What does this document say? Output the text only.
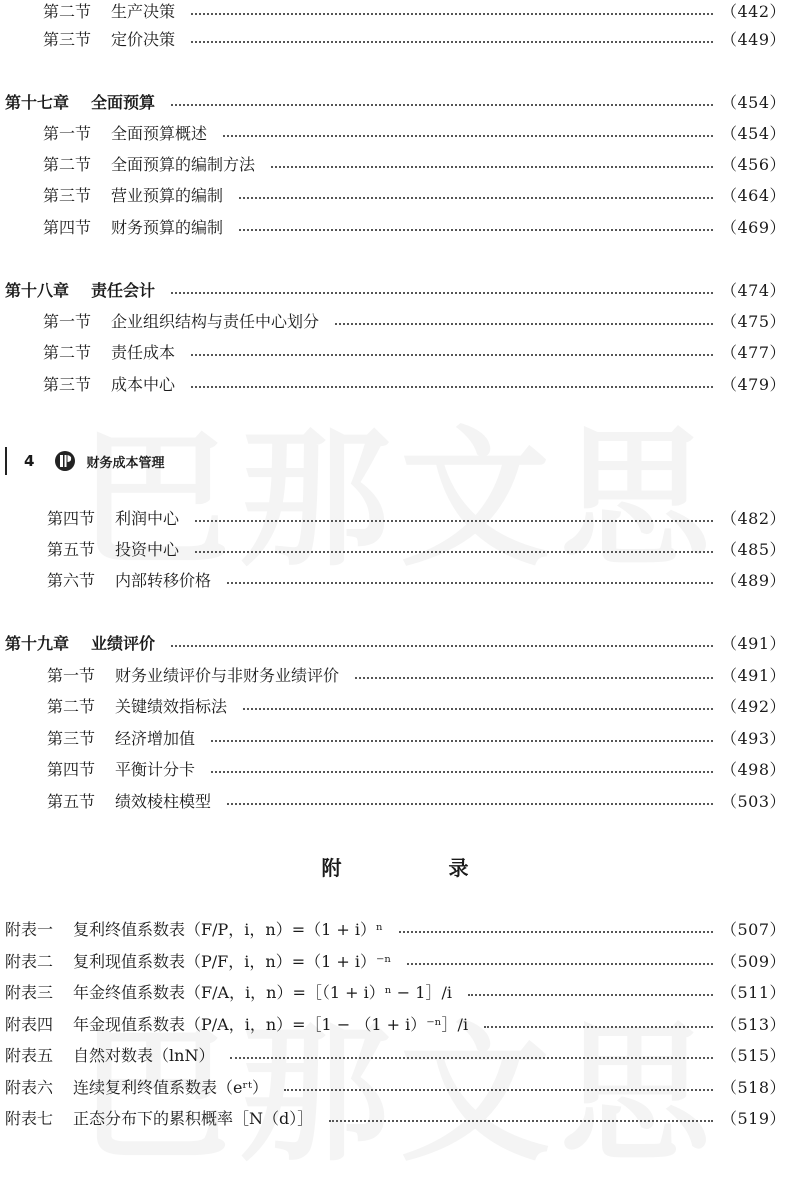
第二节 生产决策	（442）
第三节 定价决策	（449）
第十七章 全面预算	（454）
第一节 全面预算概述	（454）
第二节 全面预算的编制方法	（456）
第三节 营业预算的编制	（464）
第四节 财务预算的编制	（469）
第十八章 责任会计	（474）
第一节 企业组织结构与责任中心划分	（475）
第二节 责任成本	（477）
第三节 成本中心	（479）
4	财务成本管理
第四节 利润中心	（482）
第五节 投资中心	（485）
第六节 内部转移价格	（489）
第十九章 业绩评价	（491）
第一节 财务业绩评价与非财务业绩评价	（491）
第二节 关键绩效指标法	（492）
第三节 经济增加值	（493）
第四节 平衡计分卡	（498）
第五节 绩效棱柱模型	（503）
附 录
附表一 复利终值系数表（F/P，i，n）=（1 + i）ⁿ	（507）
附表二 复利现值系数表（P/F，i，n）=（1 + i）⁻ⁿ	（509）
附表三 年金终值系数表（F/A，i，n）=［（1 + i）ⁿ − 1］/i	（511）
附表四 年金现值系数表（P/A，i，n）=［1 − （1 + i）⁻ⁿ］/i	（513）
附表五 自然对数表（lnN）	（515）
附表六 连续复利终值系数表（eʳᵗ）	（518）
附表七 正态分布下的累积概率［N（d）］	（519）
